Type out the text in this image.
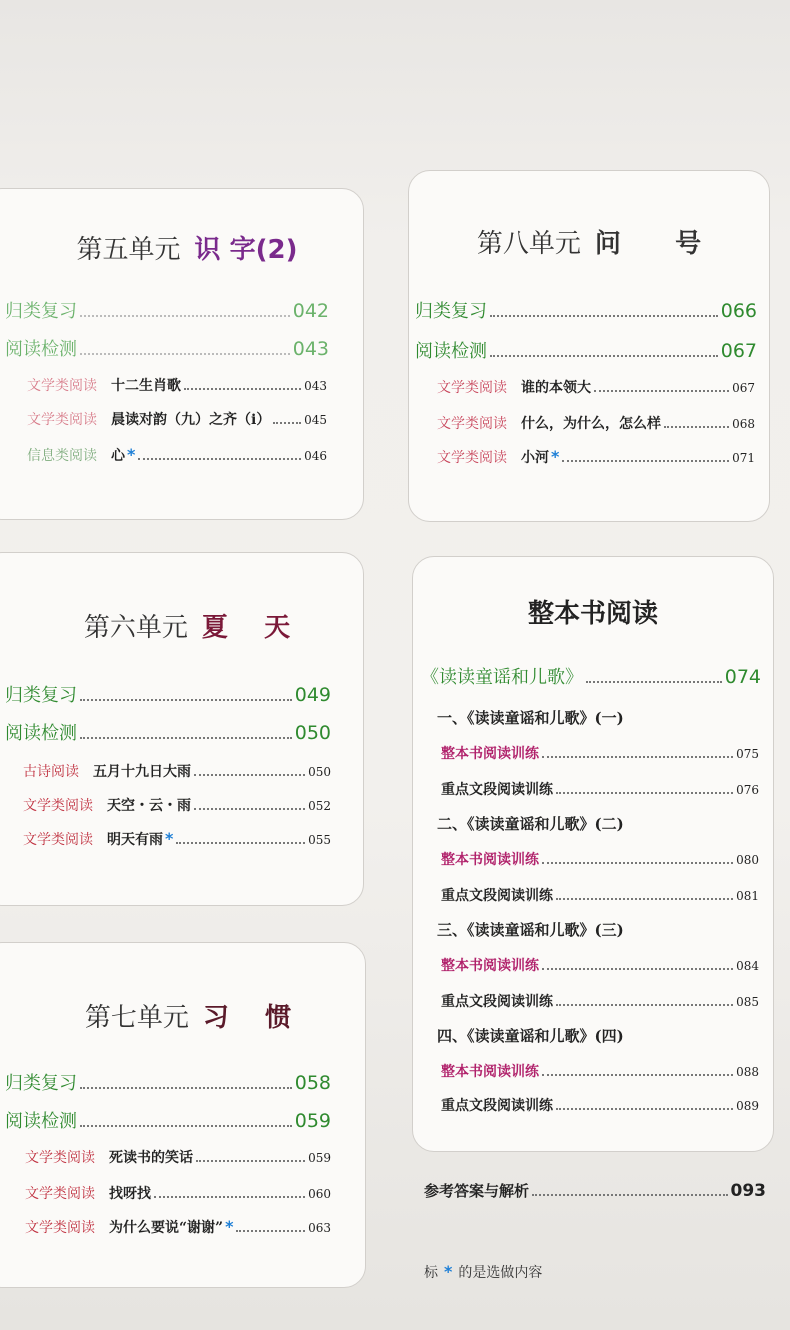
第五单元 识 字(2)
归类复习	042
阅读检测	043
文学类阅读 十二生肖歌	043
文学类阅读 晨读对韵（九）之齐（i）	045
信息类阅读 心 *	046
第六单元 夏    天
归类复习	049
阅读检测	050
古诗阅读 五月十九日大雨	050
文学类阅读 天空・云・雨	052
文学类阅读 明天有雨 *	055
第七单元 习    惯
归类复习	058
阅读检测	059
文学类阅读 死读书的笑话	059
文学类阅读 找呀找	060
文学类阅读 为什么要说“谢谢” *	063
第八单元 问      号
归类复习	066
阅读检测	067
文学类阅读 谁的本领大	067
文学类阅读 什么，为什么，怎么样	068
文学类阅读 小河 *	071
整本书阅读
《读读童谣和儿歌》	074
一、《读读童谣和儿歌》(一)
整本书阅读训练	075
重点文段阅读训练	076
二、《读读童谣和儿歌》(二)
整本书阅读训练	080
重点文段阅读训练	081
三、《读读童谣和儿歌》(三)
整本书阅读训练	084
重点文段阅读训练	085
四、《读读童谣和儿歌》(四)
整本书阅读训练	088
重点文段阅读训练	089
参考答案与解析	093
标 * 的是选做内容
